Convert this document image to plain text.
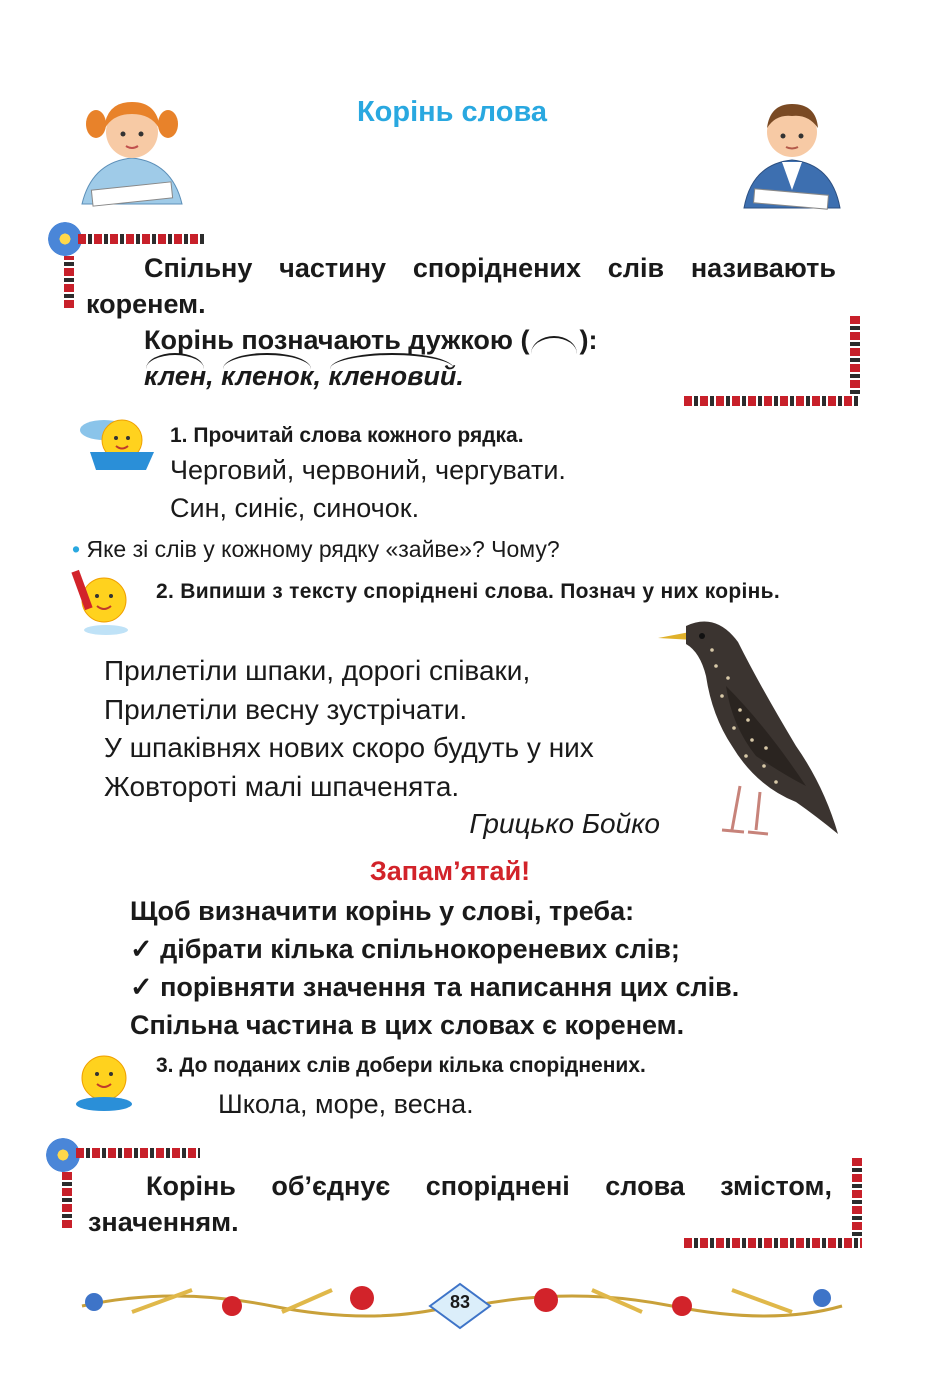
Корінь слова
Спільну частину споріднених слів називають коренем.
Корінь позначають дужкою ( ):
клен, кленок, кленовий.
1. Прочитай слова кожного рядка.
Черговий, червоний, чергувати.
Син, синіє, синочок.
• Яке зі слів у кожному рядку «зайве»? Чому?
2. Випиши з тексту споріднені слова. Познач у них корінь.
Прилетіли шпаки, дорогі співаки,
Прилетіли весну зустрічати.
У шпаківнях нових скоро будуть у них
Жовтороті малі шпаченята.
Грицько Бойко
Запам’ятай!
Щоб визначити корінь у слові, треба:
✓ дібрати кілька спільнокореневих слів;
✓ порівняти значення та написання цих слів.
Спільна частина в цих словах є коренем.
3. До поданих слів добери кілька споріднених.
Школа, море, весна.
Корінь об’єднує споріднені слова змістом, значенням.
83
